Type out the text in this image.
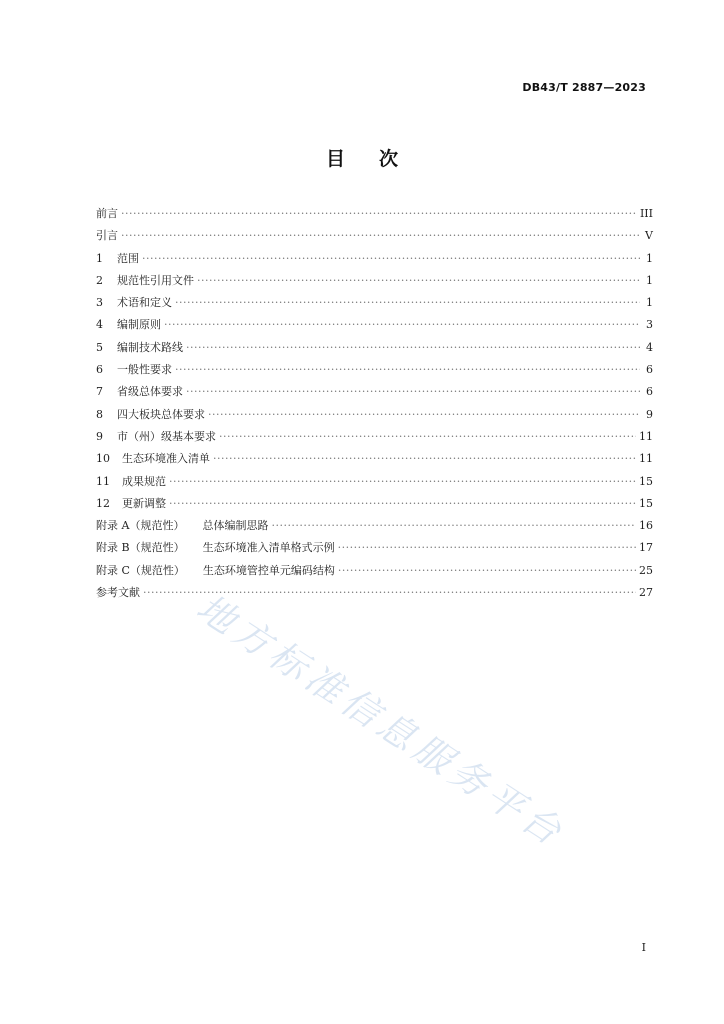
DB43/T 2887—2023
目次
前言 ·····	III
引言 ·····	V
1 范围 ·····	1
2 规范性引用文件 ·····	1
3 术语和定义 ·····	1
4 编制原则 ·····	3
5 编制技术路线 ·····	4
6 一般性要求 ·····	6
7 省级总体要求 ·····	6
8 四大板块总体要求 ·····	9
9 市（州）级基本要求 ·····	11
10 生态环境准入清单 ·····	11
11 成果规范 ·····	15
12 更新调整 ·····	15
附录 A（规范性） 总体编制思路 ·····	16
附录 B（规范性） 生态环境准入清单格式示例 ·····	17
附录 C（规范性） 生态环境管控单元编码结构 ·····	25
参考文献 ·····	27
地方标准信息服务平台
I
